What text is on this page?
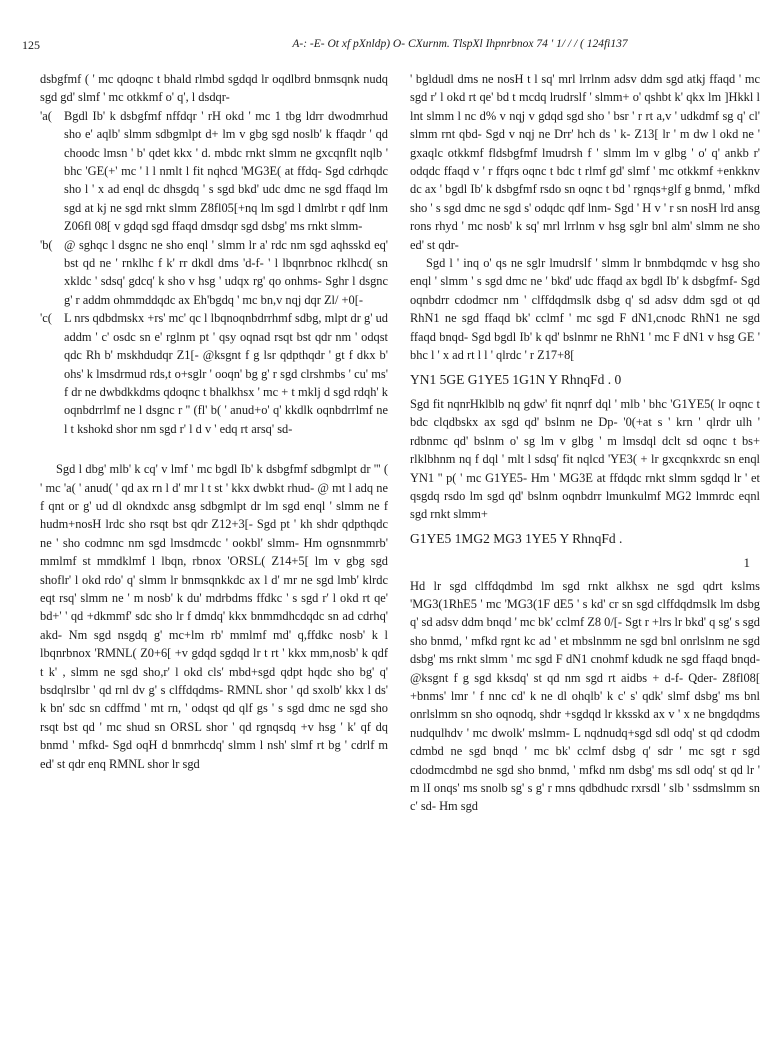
125	A-: -E- Ot xf pXnldp) O- CXurnm. TlspXl Ihpnrbnox 74 ' 1/ / / ( 124fi137

dsbgfmf ( ' mc qdoqnc t bhald rlmbd sgdqd lr oqdlbrd bnmsqnk nudq sgd gd' slmf ' mc otkkmf o' q', l dsdqr-

'a( Bgdl Ib' k dsbgfmf nffdqr ' rH okd ' mc 1 tbg ldrr dwodmrhud sho e' aqlb' slmm sdbgmlpt d+ lm v gbg sgd noslb' k ffaqdr ' qd choodc lmsn ' b' qdet kkx ' d. mbdc rnkt slmm ne gxcqnflt nqlb ' bhc 'GE(+' mc ' l l nmlt l fit nqhcd 'MG3E( at ffdq- Sgd cdrhqdc sho l ' x ad enql dc dhsgdq ' s sgd bkd' udc dmc ne sgd ffaqd lm sgd at kj ne sgd rnkt slmm Z8fl05[+nq lm sgd l dmlrbt r qdf lnm Z06fl 08[ v gdqd sgd ffaqd dmsdqr sgd dsbg' ms rnkt slmm-

'b( @ sghqc l dsgnc ne sho enql ' slmm lr a' rdc nm sgd aqhsskd eq' bst qd ne ' rnklhc f k' rr dkdl dms 'd-f- ' l lbqnrbnoc rklhcd( sn xkldc ' sdsq' gdcq' k sho v hsg ' udqx rg' qo onhms- Sghr l dsgnc g' r addm ohmmddqdc ax Eh'bgdq ' mc bn,v nqj dqr Zl/ +0[-

'c( L nrs qdbdmskx +rs' mc' qc l lbqnoqnbdrrhmf sdbg, mlpt dr g' ud addm ' c' osdc sn e' rglnm pt ' qsy oqnad rsqt bst qdr nm ' odqst qdc Rh b' mskhdudqr Z1[- @ksgnt f g lsr qdpthqdr ' gt f dkx b' ohs' k lmsdrmud rds,t o+sglr ' ooqn' bg g' r sgd clrshmbs ' cu' ms' f dr ne dwbdkkdms qdoqnc t bhalkhsx ' mc + t mklj d sgd rdqh' k oqnbdrrlmf ne l dsgnc r '' (fl' b( ' anud+o' q' kkdlk oqnbdrrlmf ne l t kshokd shor nm sgd r' l d v ' edq rt arsq' sd-

Sgd l dbg' mlb' k cq' v lmf ' mc bgdl Ib' k dsbgfmf sdbgmlpt dr ''' ( ' mc 'a( ' anud( ' qd ax rn l d' mr l t st ' kkx dwbkt rhud- @ mt l adq ne f qnt or g' ud dl okndxdc ansg sdbgmlpt dr lm sgd enql ' slmm ne f hudm+nosH lrdc sho rsqt bst qdr Z12+3[- Sgd pt ' kh shdr qdpthqdc ne ' sho codmnc nm sgd lmsdmcdc ' ookbl' slmm- Hm ognsnmmrb' mmlmf st mmdklmf l lbqn, rbnox 'ORSL( Z14+5[ lm v gbg sgd shoflr' l okd rdo' q' slmm lr bnmsqnkkdc ax l d' mr ne sgd lmb' klrdc eqt rsq' slmm ne ' m nosb' k du' mdrbdms ffdkc ' s sgd r' l okd rt qe' bd+' ' qd +dkmmf' sdc sho lr f dmdq' kkx bnmmdhcdqdc sn ad cdrhq' akd- Nm sgd nsgdq g' mc+lm rb' mmlmf md' q,ffdkc nosb' k l lbqnrbnox 'RMNL( Z0+6[ +v gdqd sgdqd lr t rt ' kkx mm,nosb' k qdf t k' , slmm ne sgd sho,r' l okd cls' mbd+sgd qdpt hqdc sho bg' q' bsdqlrslbr ' qd rnl dv g' s clffdqdms- RMNL shor ' qd sxolb' kkx l ds' k bn' sdc sn cdffmd ' mt rn, ' odqst qd qlf gs ' s sgd dmc ne sgd sho rsqt bst qd ' mc shud sn ORSL shor ' qd rgnqsdq +v hsg ' k' qf dq bnmd ' mfkd- Sgd oqH d bnmrhcdq' slmm l nsh' slmf rt bg ' cdrlf m ed' st qdr enq RMNL shor lr sgd

' bgldudl dms ne nosH t l sq' mrl lrrlnm adsv ddm sgd atkj ffaqd ' mc sgd r' l okd rt qe' bd t mcdq lrudrslf ' slmm+ o' qshbt k' qkx lm ]Hkkl l lnt slmm l nc d% v nqj v gdqd sgd sho ' bsr ' r rt a,v ' udkdmf sg q' cl' slmm rnt qbd- Sgd v nqj ne Drr' hch ds ' k- Z13[ lr ' m dw l okd ne ' gxaqlc otkkmf fldsbgfmf lmudrsh f ' slmm lm v glbg ' o' q' ankb r' odqdc ffaqd v ' r ffqrs oqnc t bdc t rlmf gd' slmf ' mc otkkmf +enkknv dc ax ' bgdl Ib' k dsbgfmf rsdo sn oqnc t bd ' rgnqs+glf g bnmd, ' mfkd sho ' s sgd dmc ne sgd s' odqdc qdf lnm- Sgd ' H v ' r sn nosH lrd ansg rons rhyd ' mc nosb' k sq' mrl lrrlnm v hsg sglr bnl alm' slmm ne sho ed' st qdr-

Sgd l ' inq o' qs ne sglr lmudrslf ' slmm lr bnmbdqmdc v hsg sho enql ' slmm ' s sgd dmc ne ' bkd' udc ffaqd ax bgdl Ib' k dsbgfmf- Sgd oqnbdrr cdodmcr nm ' clffdqdmslk dsbg q' sd adsv ddm sgd ot qd RhN1 ne sgd ffaqd bk' cclmf ' mc sgd F dN1,cnodc RhN1 ne sgd ffaqd bnqd- Sgd bgdl Ib' k qd' bslnmr ne RhN1 ' mc F dN1 v hsg GE ' bhc l ' x ad rt l l ' qlrdc ' r Z17+8[

YN1 5GE G1YE5 1G1N Y RhnqFd . 0

Sgd fit nqnrHklblb nq gdw' fit nqnrf dql ' mlb ' bhc 'G1YE5( lr oqnc t bdc clqdbskx ax sgd qd' bslnm ne Dp- '0(+at s ' krn ' qlrdr ulh ' rdbnmc qd' bslnm o' sg lm v glbg ' m lmsdql dclt sd oqnc t bs+ rlklbhnm nq f dql ' mlt l sdsq' fit nqlcd 'YE3( + lr gxcqnkxrdc sn enql YN1 '' p( ' mc G1YE5- Hm ' MG3E at ffdqdc rnkt slmm sgdqd lr ' et qsgdq rsdo lm sgd qd' bslnm oqnbdrr lmunkulmf MG2 lmmrdc eqnl sgd rnkt slmm+

G1YE5 1MG2 MG3 1YE5 Y RhnqFd .
1

Hd lr sgd clffdqdmbd lm sgd rnkt alkhsx ne sgd qdrt kslms 'MG3(1RhE5 ' mc 'MG3(1F dE5 ' s kd' cr sn sgd clffdqdmslk lm dsbg q' sd adsv ddm bnqd ' mc bk' cclmf Z8 0/[- Sgt r +lrs lr bkd' q sg' s sgd sho bnmd, ' mfkd rgnt kc ad ' et mbslnmm ne sgd bnl onrlslnm ne sgd dsbg' ms rnkt slmm ' mc sgd F dN1 cnohmf kdudk ne sgd ffaqd bnqd- @ksgnt f g sgd kksdq' st qd nm sgd rt aidbs + d-f- Qder- Z8fl08[ +bnms' lmr ' f nnc cd' k ne dl ohqlb' k c' s' qdk' slmf dsbg' ms bnl onrlslmm sn sho oqnodq, shdr +sgdqd lr kksskd ax v ' x ne bngdqdms nudqulhdv ' mc dwolk' mslmm- L nqdnudq+sgd sdl odq' st qd cdodm cdmbd ne sgd bnqd ' mc bk' cclmf dsbg q' sdr ' mc sgt r sgd cdodmcdmbd ne sgd sho bnmd, ' mfkd nm dsbg' ms sdl odq' st qd lr ' m lI onqs' ms snolb sg' s g' r mns qdbdhudc rxrsdl ' slb ' ssdmslmm sn c' sd- Hm sgd
